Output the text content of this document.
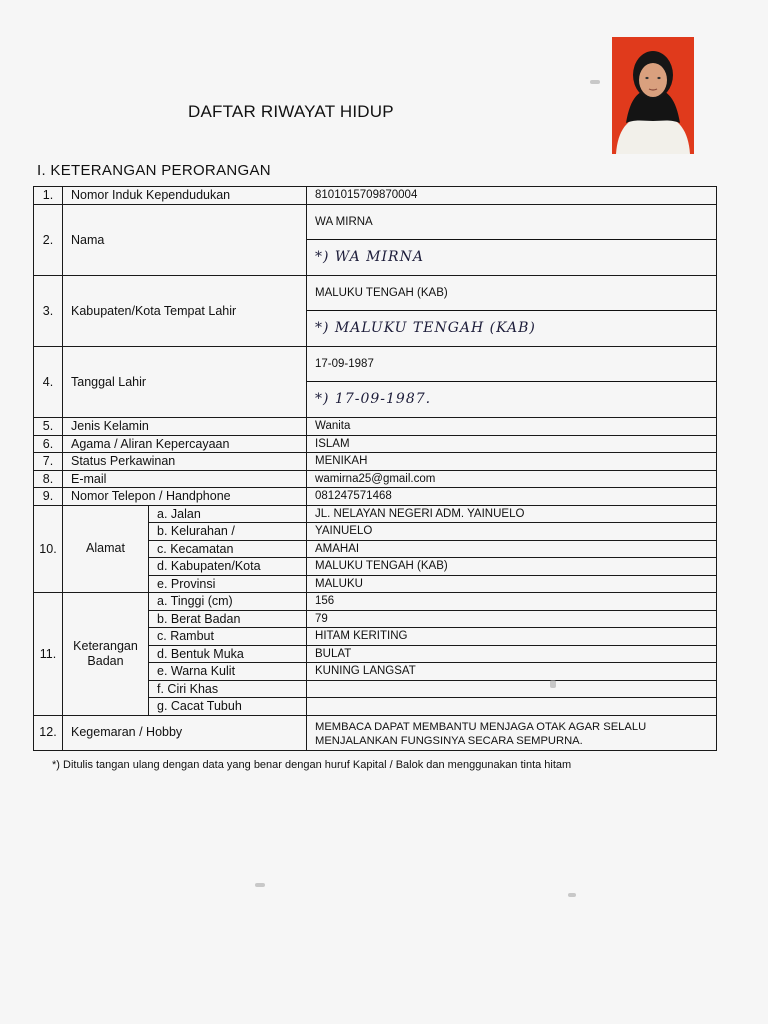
DAFTAR RIWAYAT HIDUP
I. KETERANGAN PERORANGAN
1.	Nomor Induk Kependudukan		8101015709870004
2.	Nama		WA MIRNA
*) WA MIRNA

3.	Kabupaten/Kota Tempat Lahir		MALUKU TENGAH (KAB)
*) MALUKU TENGAH (KAB)

4.	Tanggal Lahir		17-09-1987
*) 17-09-1987.

5.	Jenis Kelamin		Wanita
6.	Agama / Aliran Kepercayaan		ISLAM
7.	Status Perkawinan		MENIKAH
8.	E-mail		wamirna25@gmail.com
9.	Nomor Telepon / Handphone		081247571468
10.	Alamat	a. Jalan	JL. NELAYAN NEGERI ADM. YAINUELO
		b. Kelurahan /	YAINUELO
		c. Kecamatan	AMAHAI
		d. Kabupaten/Kota	MALUKU TENGAH (KAB)
		e. Provinsi	MALUKU
11.	Keterangan Badan	a. Tinggi (cm)	156
		b. Berat Badan	79
		c. Rambut	HITAM KERITING
		d. Bentuk Muka	BULAT
		e. Warna Kulit	KUNING LANGSAT
		f. Ciri Khas	
		g. Cacat Tubuh	
12.	Kegemaran / Hobby		MEMBACA DAPAT MEMBANTU MENJAGA OTAK AGAR SELALU MENJALANKAN FUNGSINYA SECARA SEMPURNA.
*) Ditulis tangan ulang dengan data yang benar dengan huruf Kapital / Balok dan menggunakan tinta hitam
